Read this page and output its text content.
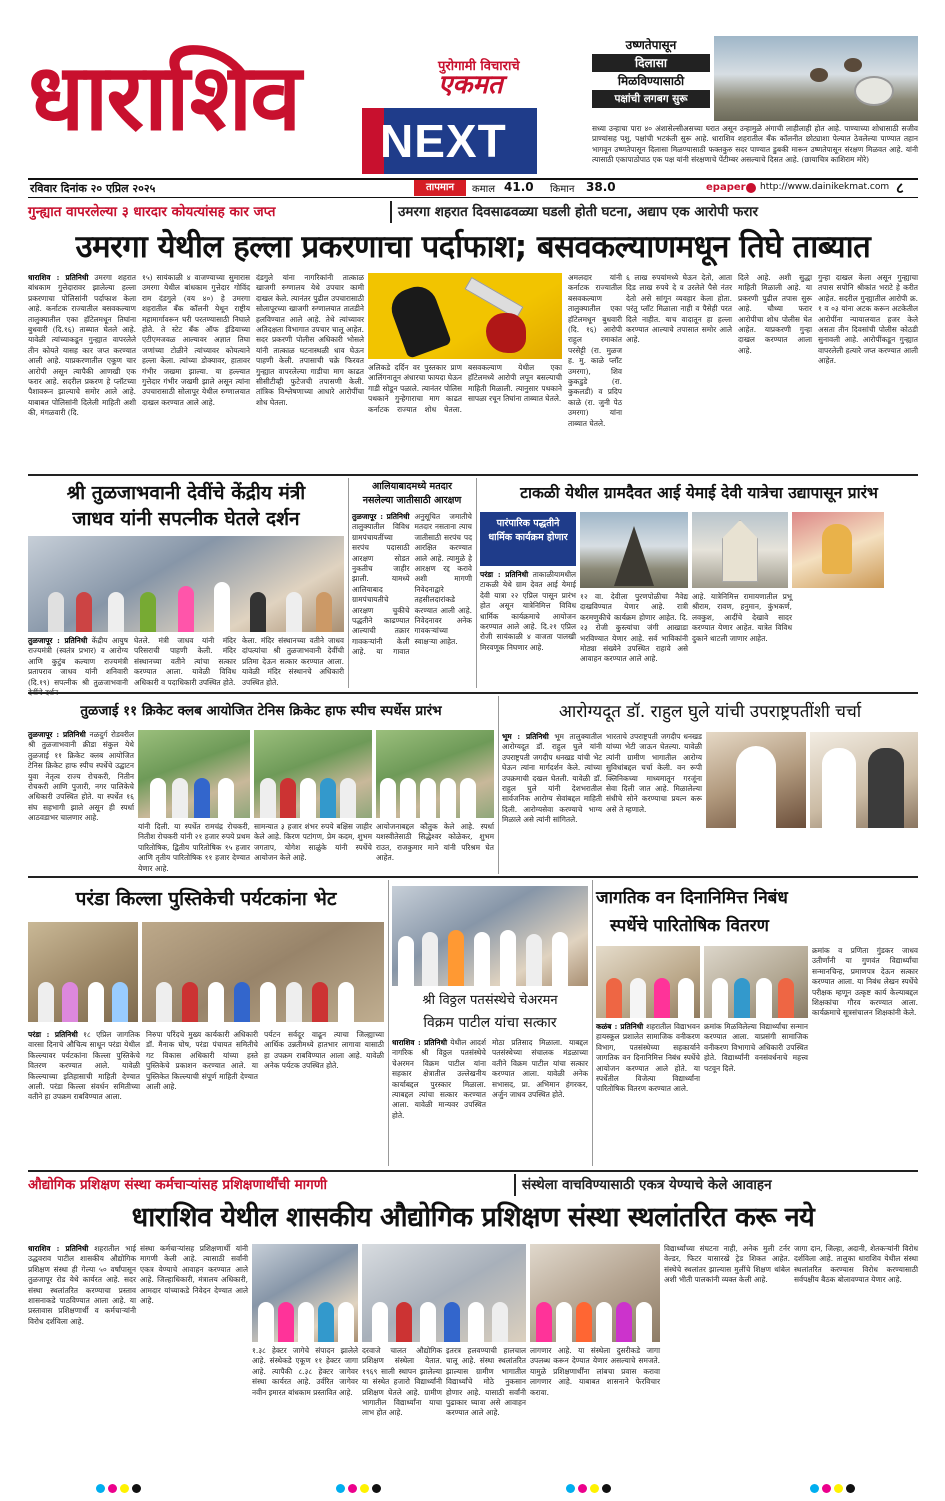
धाराशिव	पुरोगामी विचाराचे
एकमत
NEXT
उष्णतेपासून
दिलासा
मिळविण्यासाठी
पक्षांची लगबग सुरू
सध्या उन्हाचा पारा ४० अंशासेल्सीअसच्या घरात असून उन्हामुळे अंगाची लाहीलाही होत आहे. पाण्याच्या शोधासाठी सजीव प्राण्यांसह पशु, पक्षांची भटकंती सुरू आहे. धाराशिव शहरातील बँक कॉलनीत छोट्याशा पेल्यात ठेवलेल्या पाण्यात तहान भागवून उष्णतेपासून दिलासा मिळण्यासाठी फक्तकुरु सदर पाण्यात डुबकी मारून उष्णतेपासून संरक्षण मिळवत आहे. यांनी त्यासाठी एकापाठोपाठ एक पक्ष यांनी संरक्षणाचे पेंटीम्बर असल्याचे दिसत आहे. (छायाचित्र काशिराम मोरे)
रविवार दिनांक २० एप्रिल २०२५	तापमान	कमाल 41.0 किमान 38.0	epaper http://www.dainikekmat.com ८
गुन्ह्यात वापरलेल्या ३ धारदार कोयत्यांसह कार जप्त	उमरगा शहरात दिवसाढवळ्या घडली होती घटना, अद्याप एक आरोपी फरार
उमरगा येथील हल्ला प्रकरणाचा पर्दाफाश; बसवकल्याणमधून तिघे ताब्यात
धाराशिव : प्रतिनिधी उमरगा शहरात बांधकाम गुत्तेदारावर झालेल्या हल्ला प्रकरणाचा पोलिसांनी पर्दाफाश केला आहे. कर्नाटक राज्यातील बसवकल्याण तालुक्यातील एका हॉटेलमधून तिघांना बुधवारी (दि.१६) ताब्यात घेतले आहे. यावेळी त्यांच्याकडून गुन्ह्यात वापरलेले तीन कोयते यासह कार जप्त करण्यात आली आहे. याप्रकरणातील एकूण चार आरोपी असून त्यापैकी आणखी एक फरार आहे. सदरील प्रकरण हे प्लॉटच्या पैशावरून झाल्याचे समोर आले आहे. याबाबत पोलिसांनी दिलेली माहिती अशी की, मंगळवारी (दि.
१५) सायंकाळी ४ वाजण्याच्या सुमारास उमरगा येथील बांधकाम गुत्तेदार गोविंद राम दंडगुले (वय ४०) हे उमरगा शहरातील बँक कॉलनी येथून राष्ट्रीय महामार्गावरून घरी परतण्यासाठी निघाले होते. ते स्टेट बँक ऑफ इंडियाच्या एटीएमजवळ आल्यावर अज्ञात तिघा जणांच्या टोळीने त्यांच्यावर कोयत्याने हल्ला केला. त्यांच्या डोक्यावर, हातावर गंभीर जखमा झाल्या. या हल्ल्यात गुत्तेदार गंभीर जखमी झाले असून त्यांना उपचारासाठी सोलापूर येथील रुग्णालयात दाखल करण्यात आले आहे.
दंडगुले यांना नागरिकांनी तात्काळ खाजगी रुग्णालय येथे उपचार कामी दाखल केले. त्यानंतर पुढील उपचारासाठी सोलापूरच्या खाजगी रुग्णालयात तातडीने हलविण्यात आले आहे. तेथे त्यांच्यावर अतिदक्षता विभागात उपचार चालू आहेत. सदर प्रकरणी पोलीस अधिकारी भोसले यांनी तात्काळ घटनास्थळी धाव घेऊन पाहणी केली. तपासाची चक्रे फिरवत गुन्ह्यात वापरलेल्या गाडीचा माग काढत सीसीटीव्ही फुटेजची तपासणी केली. तांत्रिक विश्लेषणाच्या आधारे आरोपींचा शोध घेतला.
अलिकडे दर्दिन वर पुस्तकार प्राण आलिंगनातून अंधारचा फायदा घेऊन गाडी सोडून पळाले. त्यानंतर पोलिस पथकाने गुन्हेगाराचा माग काढत कर्नाटक राज्यात शोध घेतला. बसवकल्याण येथील एका हॉटेलमध्ये आरोपी लपून बसल्याची माहिती मिळाली. त्यानुसार पथकाने सापळा रचून तिघांना ताब्यात घेतले.
अमलदार यांनी कर्नाटक राज्यातील बसवकल्याण तालुक्यातील एका हॉटेलमधून बुधवारी (दि. १६) आरोपी राहुल रमाकांत परसेट्टी (रा. मुळज ह. मु. काळे प्लॉट उमरगा), शिव कुकडुडे (रा. कुकलडी) व प्रदिप काळे (रा. जुनी पेठ उमरगा) यांना ताब्यात घेतले.
६ लाख रुपयांमध्ये घेऊन देतो, आता दिड लाख रुपये दे व उरलेले पैसे नंतर देतो असे सांगून व्यवहार केला होता. परंतु प्लॉट मिळाला नाही व पैसेही परत दिले नाहीत. याच वादातून हा हल्ला करण्यात आल्याचे तपासात समोर आले आहे.
दिले आहे. अशी सुद्धा माहिती मिळाली आहे. या प्रकरणी पुढील तपास सुरू आहे. चौथ्या फरार आरोपीचा शोध पोलीस घेत आहेत. याप्रकरणी गुन्हा दाखल करण्यात आला आहे.
गुन्हा दाखल केला असून गुन्ह्याचा तपास सपोनि श्रीकांत भराटे हे करीत आहेत. सदरील गुन्ह्यातील आरोपी क्र. १ व ०३ यांना अटक करून अटकेतील आरोपींना न्यायालयात हजर केले असता तीन दिवसांची पोलीस कोठडी सुनावली आहे. आरोपींकडून गुन्ह्यात वापरलेली हत्यारे जप्त करण्यात आली आहेत.
श्री तुळजाभवानी देवींचे केंद्रीय मंत्री
जाधव यांनी सपत्नीक घेतले दर्शन
तुळजापूर : प्रतिनिधी केंद्रीय आयुष राज्यमंत्री (स्वतंत्र प्रभार) व आरोग्य आणि कुटुंब कल्याण राज्यमंत्री प्रतापराव जाधव यांनी शनिवारी (दि.१९) सपत्नीक श्री तुळजाभवानी
घेतले. मंत्री जाधव यांनी मंदिर परिसराची पाहणी केली. मंदिर संस्थानच्या वतीने त्यांचा सत्कार करण्यात आला. यावेळी विविध अधिकारी व पदाधिकारी उपस्थित होते.
केला. मंदिर संस्थानच्या वतीने जाधव दांपत्यांचा श्री तुळजाभवानी देवींची प्रतिमा देऊन सत्कार करण्यात आला. यावेळी मंदिर संस्थानचे अधिकारी उपस्थित होते.
आलियाबादमध्ये मतदार
नसलेल्या जातीसाठी आरक्षण
तुळजापूर : प्रतिनिधी तालुक्यातील विविध ग्रामपंचायतींच्या सरपंच पदासाठी आरक्षण सोडत नुकतीच जाहीर झाली. यामध्ये आलियाबाद ग्रामपंचायतीचे आरक्षण चुकीचे पद्धतीने काढण्यात आल्याची तक्रार गावकऱ्यांनी केली आहे. या गावात अनुसूचित जमातीचे मतदार नसताना त्याच जातीसाठी सरपंच पद आरक्षित करण्यात आले आहे. त्यामुळे हे आरक्षण रद्द करावे अशी मागणी निवेदनाद्वारे तहसीलदारांकडे करण्यात आली आहे. निवेदनावर अनेक गावकऱ्यांच्या स्वाक्षऱ्या आहेत.
टाकळी येथील ग्रामदैवत आई येमाई देवी यात्रेचा उद्यापासून प्रारंभ
पारंपारिक पद्धतीने धार्मिक कार्यक्रम होणार
परंडा : प्रतिनिधी ताकाळीयामधील टाकळी येथे ग्राम देवत आई येमाई देवी यात्रा २२ एप्रिल पासून प्रारंभ होत असून यात्रेनिमित्त विविध धार्मिक कार्यक्रमाचे आयोजन करण्यात आले आहे. दि.२१ एप्रिल रोजी सायंकाळी ४ वाजता पालखी मिरवणूक निघणार आहे.
१२ वा. देवीला पुरणपोळीचा नैवेद्य दाखविण्यात येणार आहे. रात्री करमणुकीचे कार्यक्रम होणार आहेत. दि. २३ रोजी कुस्त्यांचा जंगी आखाडा भरविण्यात येणार आहे. सर्व भाविकांनी मोठ्या संख्येने उपस्थित राहावे असे आवाहन करण्यात आले आहे.
आहे. यात्रेनिमित्त रामायणातील प्रभू श्रीराम, रावण, हनुमान, कुंभकर्ण, लवकुश, आदींचे देखावे सादर करण्यात येणार आहेत. यात्रेत विविध दुकाने थाटली जाणार आहेत.
तुळजाई ११ क्रिकेट क्लब आयोजित टेनिस क्रिकेट हाफ स्पीच स्पर्धेस प्रारंभ
तुळजापूर : प्रतिनिधी नळदुर्ग रोडवरील श्री तुळजाभवानी क्रीडा संकुल येथे तुळजाई ११ क्रिकेट क्लब आयोजित टेनिस क्रिकेट हाफ स्पीच स्पर्धेचे उद्घाटन युवा नेतृत्व राज्य रोचकरी, नितीन रोचकरी आणि पुजारी, नगर पालिकेचे अधिकारी उपस्थित होते. या स्पर्धेत १६ संघ सहभागी झाले असून ही स्पर्धा आठवडाभर चालणार आहे.
यांनी दिली. या स्पर्धेत रामचंद्र रोचकरी, नितीश रोचकरी यांनी २१ हजार रुपये प्रथम पारितोषिक, द्वितीय पारितोषिक १५ हजार आणि तृतीय पारितोषिक ११ हजार देण्यात येणार आहे.
सामन्यात ३ हजार शंभर रुपये बक्षिस जाहीर केले आहे. किरण पटांगण, प्रेम कदम, शुभम जगताप, योगेश साळुंके यांनी स्पर्धेचे आयोजन केले आहे.
आयोजनाबद्दल कौतुक केले आहे. स्पर्धा यशस्वीतेसाठी सिद्धेश्वर कोळेकर, शुभम राउत, राजकुमार माने यांनी परिश्रम घेत आहेत.
आरोग्यदूत डॉ. राहुल घुले यांची उपराष्ट्रपतींशी चर्चा
भूम : प्रतिनिधी भूम तालुक्यातील आरोग्यदूत डॉ. राहुल घुले यांनी उपराष्ट्रपती जगदीप धनखड यांची भेट घेऊन त्यांना मार्गदर्शन केले. त्यांच्या उपक्रमाची दखल घेतली. यावेळी डॉ. राहुल घुले यांनी देशभरातील सार्वजनिक आरोग्य सेवांबद्दल माहिती दिली. आरोग्यसेवा करण्याचे भाग्य मिळाले असे त्यांनी सांगितले.
भारताचे उपराष्ट्रपती जगदीप धनखड यांच्या भेटी जाऊन घेतल्या. यावेळी त्यांनी ग्रामीण भागातील आरोग्य सुविधांबद्दल चर्चा केली. वन रूपी क्लिनिकच्या माध्यमातून गरजूंना सेवा दिली जात आहे. मिळालेल्या संधीचे सोने करण्याचा प्रयत्न करू असे ते म्हणाले.
परंडा किल्ला पुस्तिकेची पर्यटकांना भेट
परंडा : प्रतिनिधी १८ एप्रिल जागतिक वारसा दिनाचे औचित्य साधून परंडा येथील किल्ल्यावर पर्यटकांना किल्ला पुस्तिकेचे वितरण करण्यात आले. यावेळी किल्ल्याच्या इतिहासाची माहिती देण्यात आली. परंडा किल्ला संवर्धन समितीच्या वतीने हा उपक्रम राबविण्यात आला.
निरुपा परिंदचे मुख्य कार्यकारी अधिकारी डॉ. मैनाक घोष, परंडा पंचायत समितीचे गट विकास अधिकारी यांच्या हस्ते पुस्तिकेचे प्रकाशन करण्यात आले. या पुस्तिकेत किल्ल्याची संपूर्ण माहिती देण्यात आली आहे.
पर्यटन सर्वदूर वाढून त्याचा जिल्ह्याच्या आर्थिक उन्नतीमध्ये हातभार लागावा यासाठी हा उपक्रम राबविण्यात आला आहे. यावेळी अनेक पर्यटक उपस्थित होते.
श्री विठ्ठल पतसंस्थेचे चेअरमन
विक्रम पाटील यांचा सत्कार
धाराशिव : प्रतिनिधी येथील आदर्श नागरिक श्री विठ्ठल पतसंस्थेचे चेअरमन विक्रम पाटील यांना सहकार क्षेत्रातील उल्लेखनीय कार्याबद्दल पुरस्कार मिळाला. त्याबद्दल त्यांचा सत्कार करण्यात आला. यावेळी मान्यवर उपस्थित होते.
मोठा प्रतिसाद मिळाला. याबद्दल पतसंस्थेच्या संचालक मंडळाच्या वतीने विक्रम पाटील यांचा सत्कार करण्यात आला. यावेळी अनेक सभासद, प्रा. अभिमान हंगरकर, अर्जुन जाधव उपस्थित होते.
जागतिक वन दिनानिमित्त निबंध
स्पर्धेचे पारितोषिक वितरण
कळंब : प्रतिनिधी शहरातील विद्याभवन हायस्कूल प्रशालेत सामाजिक वनीकरण विभाग, पतसंस्थेच्या सहकार्याने जागतिक वन दिनानिमित्त निबंध स्पर्धेचे आयोजन करण्यात आले होते. या स्पर्धेतील विजेत्या विद्यार्थ्यांना पारितोषिक वितरण करण्यात आले.
क्रमांक मिळविलेल्या विद्यार्थ्यांचा सन्मान करण्यात आला. याप्रसंगी सामाजिक वनीकरण विभागाचे अधिकारी उपस्थित होते. विद्यार्थ्यांनी वनसंवर्धनाचे महत्त्व पटवून दिले.
क्रमांक व प्रणिता गुंडकर जाधव उतीर्णांनी या गुणवंत विद्यार्थ्यांचा सन्मानचिन्ह, प्रमाणपत्र देऊन सत्कार करण्यात आला. या निबंध लेखन स्पर्धेचे परीक्षक म्हणून उत्कृष्ट कार्य केल्याबद्दल शिक्षकांचा गौरव करण्यात आला. कार्यक्रमाचे सूत्रसंचालन शिक्षकांनी केले.
औद्योगिक प्रशिक्षण संस्था कर्मचाऱ्यांसह प्रशिक्षणार्थींची मागणी	संस्थेला वाचविण्यासाठी एकत्र येण्याचे केले आवाहन
धाराशिव येथील शासकीय औद्योगिक प्रशिक्षण संस्था स्थलांतरित करू नये
धाराशिव : प्रतिनिधी शहरातील भाई उद्धवराव पाटील शासकीय औद्योगिक प्रशिक्षण संस्था ही गेल्या ५० वर्षांपासून तुळजापूर रोड येथे कार्यरत आहे. सदर संस्था स्थलांतरित करण्याचा प्रस्ताव शासनाकडे पाठविण्यात आला आहे. या प्रस्तावास प्रशिक्षणार्थी व कर्मचाऱ्यांनी विरोध दर्शविला आहे.
संस्था कर्मचाऱ्यांसह प्रशिक्षणार्थी यांनी मागणी केली आहे. त्यासाठी सर्वांनी एकत्र येण्याचे आवाहन करण्यात आले आहे. जिल्हाधिकारी, मंत्रालय अधिकारी, आमदार यांच्याकडे निवेदन देण्यात आले आहे.
१.३८ हेक्टर जागेचे संपादन झालेले आहे. संस्थेकडे एकूण ११ हेक्टर जागा आहे. त्यापैकी ८.३८ हेक्टर जागेवर संस्था कार्यरत आहे. उर्वरित जागेवर नवीन इमारत बांधकाम प्रस्तावित आहे.
दरवाजे चालत औद्योगिक प्रशिक्षण संस्थेला येतात. १९६९ साली स्थापन झालेल्या या संस्थेत हजारो विद्यार्थ्यांनी प्रशिक्षण घेतले आहे. ग्रामीण भागातील विद्यार्थ्यांना याचा लाभ होत आहे.
इतरत्र हलवण्याची हालचाल चालू आहे. संस्था स्थलांतरित झाल्यास ग्रामीण भागातील विद्यार्थ्यांचे मोठे नुकसान होणार आहे. यासाठी सर्वांनी पुढाकार घ्यावा असे आवाहन करण्यात आले आहे.
लागणार आहे. या संस्थेला दुसरीकडे जागा उपलब्ध करून देण्यात येणार असल्याचे समजते. यामुळे प्रशिक्षणार्थींना लांबचा प्रवास करावा लागणार आहे. याबाबत शासनाने फेरविचार करावा.
विद्यार्थ्यांच्या संघटना नाही, अनेक मुली टर्नर वेल्डर, फिटर यासारखे ट्रेड शिकत आहेत. संस्थेचे स्थलांतर झाल्यास मुलींचे शिक्षण थांबेल अशी भीती पालकांनी व्यक्त केली आहे.
जागा दान, जिल्हा, अदानी, शेतकऱ्यांनी विरोध दर्शविला आहे. तालुका धाराशिव येथील संस्था स्थलांतरित करण्यास विरोध करण्यासाठी सर्वपक्षीय बैठक बोलावण्यात येणार आहे.
